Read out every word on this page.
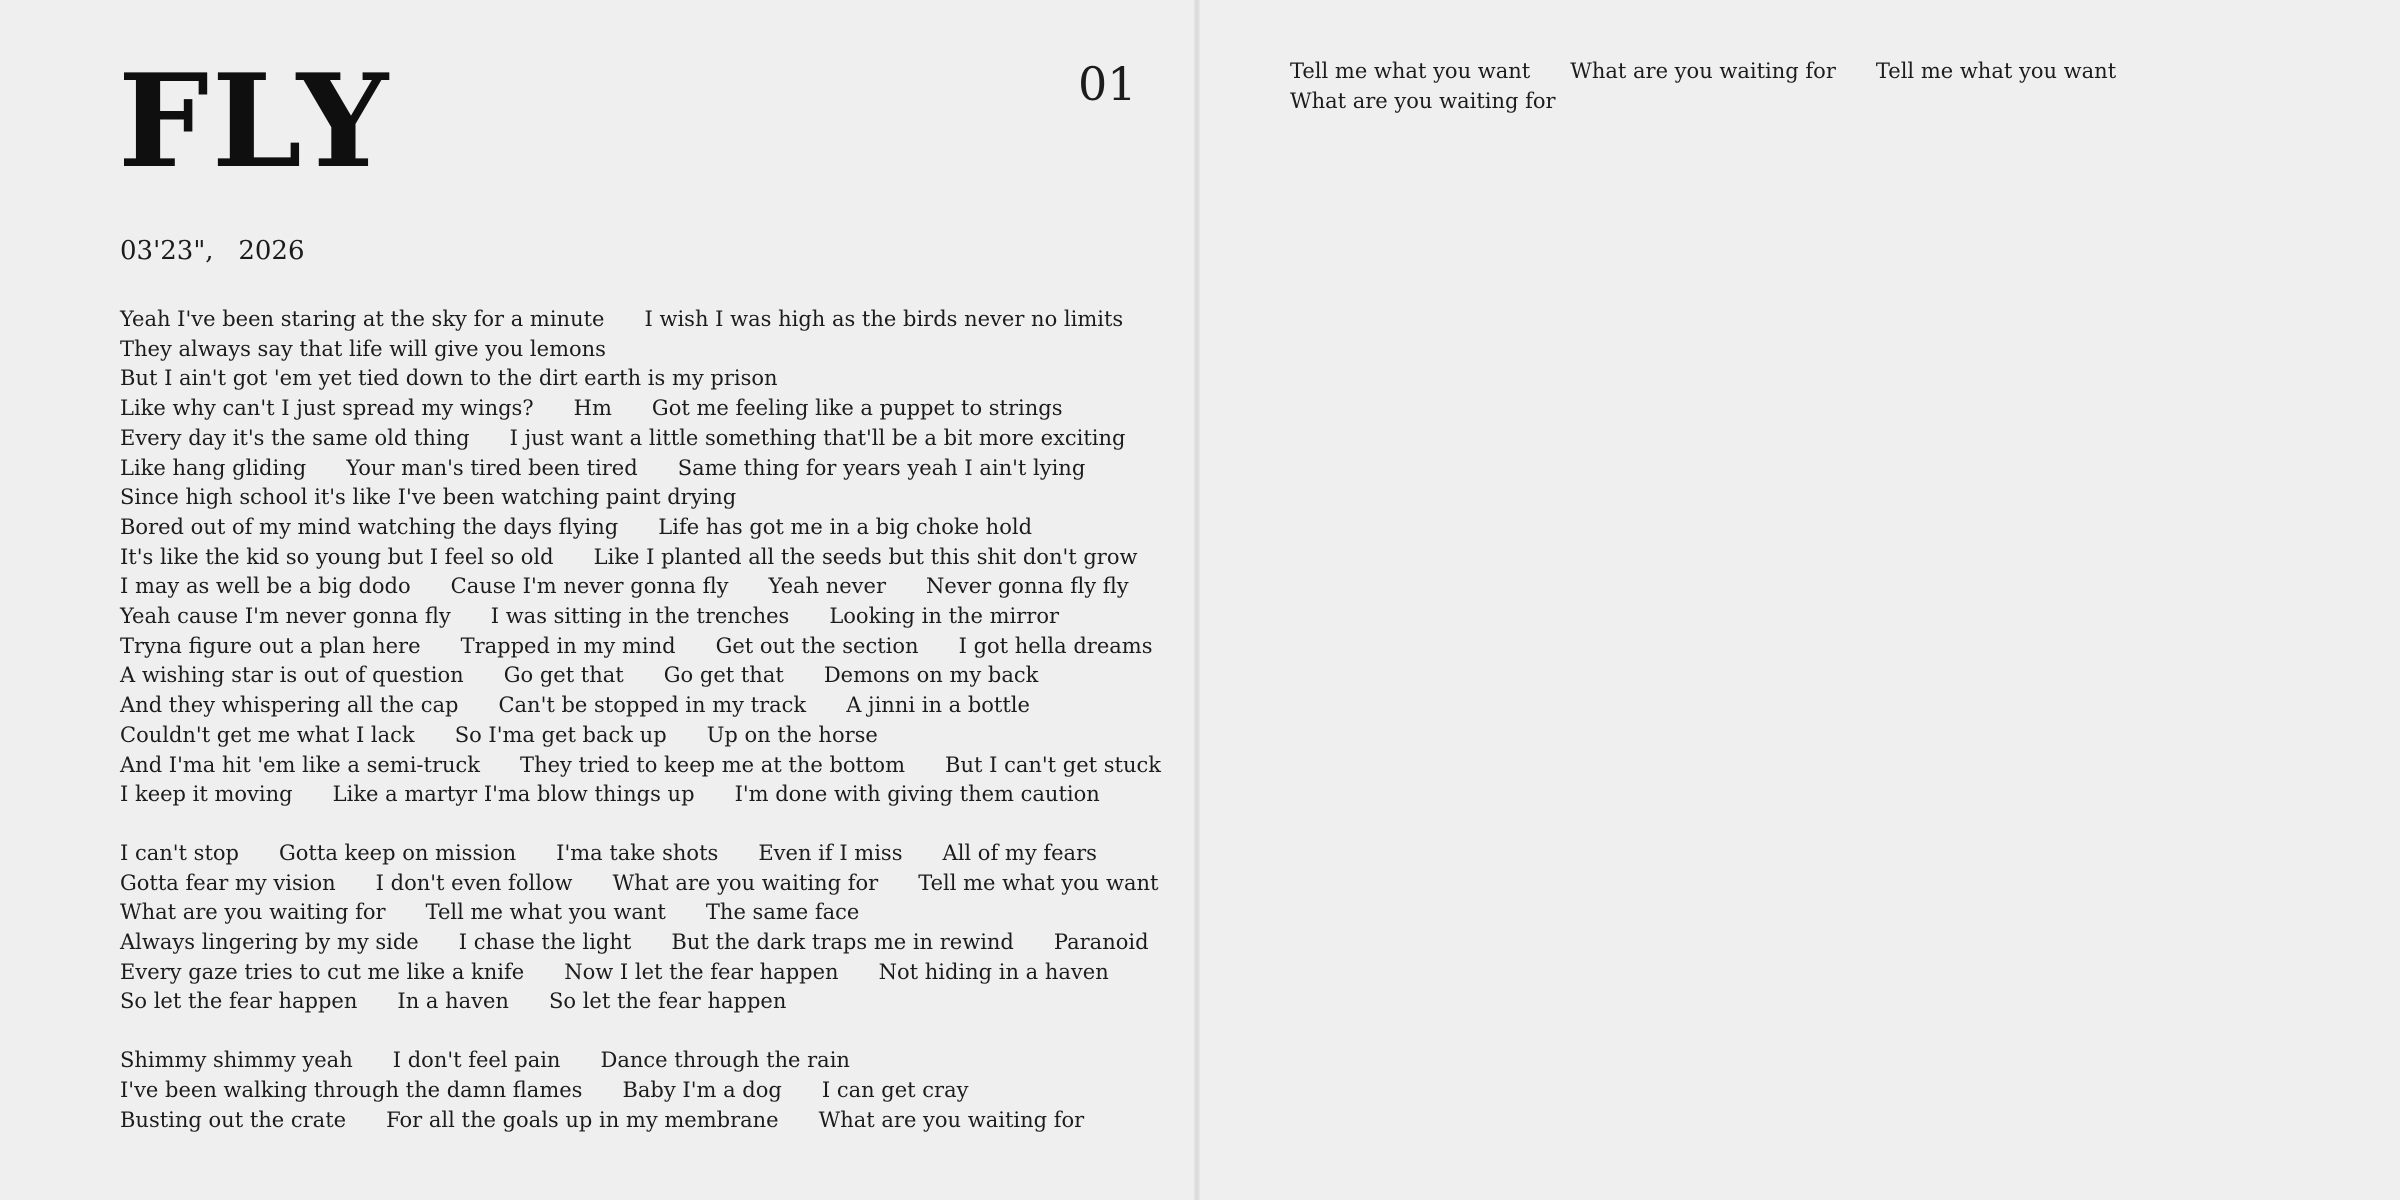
FLY	01
03'23",   2026
Yeah I've been staring at the sky for a minute      I wish I was high as the birds never no limits
They always say that life will give you lemons
But I ain't got 'em yet tied down to the dirt earth is my prison
Like why can't I just spread my wings?      Hm      Got me feeling like a puppet to strings
Every day it's the same old thing      I just want a little something that'll be a bit more exciting
Like hang gliding      Your man's tired been tired      Same thing for years yeah I ain't lying
Since high school it's like I've been watching paint drying
Bored out of my mind watching the days flying      Life has got me in a big choke hold
It's like the kid so young but I feel so old      Like I planted all the seeds but this shit don't grow
I may as well be a big dodo      Cause I'm never gonna fly      Yeah never      Never gonna fly fly
Yeah cause I'm never gonna fly      I was sitting in the trenches      Looking in the mirror
Tryna figure out a plan here      Trapped in my mind      Get out the section      I got hella dreams
A wishing star is out of question      Go get that      Go get that      Demons on my back
And they whispering all the cap      Can't be stopped in my track      A jinni in a bottle
Couldn't get me what I lack      So I'ma get back up      Up on the horse
And I'ma hit 'em like a semi-truck      They tried to keep me at the bottom      But I can't get stuck
I keep it moving      Like a martyr I'ma blow things up      I'm done with giving them caution
I can't stop      Gotta keep on mission      I'ma take shots      Even if I miss      All of my fears
Gotta fear my vision      I don't even follow      What are you waiting for      Tell me what you want
What are you waiting for      Tell me what you want      The same face
Always lingering by my side      I chase the light      But the dark traps me in rewind      Paranoid
Every gaze tries to cut me like a knife      Now I let the fear happen      Not hiding in a haven
So let the fear happen      In a haven      So let the fear happen
Shimmy shimmy yeah      I don't feel pain      Dance through the rain
I've been walking through the damn flames      Baby I'm a dog      I can get cray
Busting out the crate      For all the goals up in my membrane      What are you waiting for
Tell me what you want      What are you waiting for      Tell me what you want
What are you waiting for
